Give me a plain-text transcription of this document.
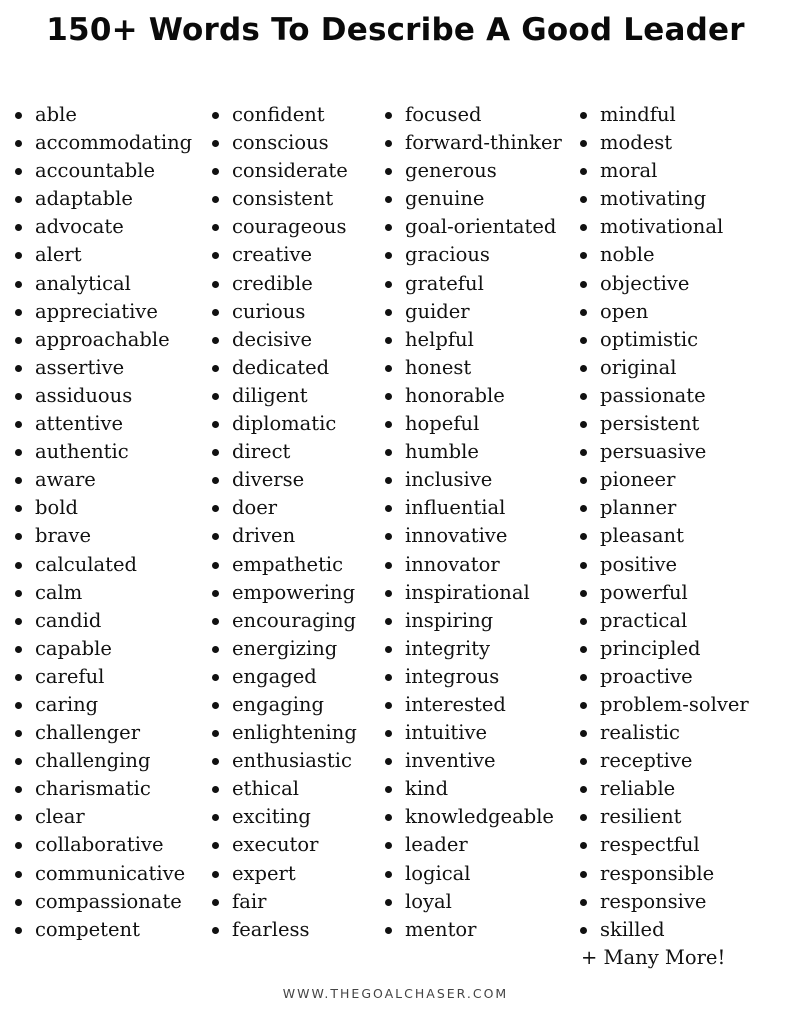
150+ Words To Describe A Good Leader
able
accommodating
accountable
adaptable
advocate
alert
analytical
appreciative
approachable
assertive
assiduous
attentive
authentic
aware
bold
brave
calculated
calm
candid
capable
careful
caring
challenger
challenging
charismatic
clear
collaborative
communicative
compassionate
competent
confident
conscious
considerate
consistent
courageous
creative
credible
curious
decisive
dedicated
diligent
diplomatic
direct
diverse
doer
driven
empathetic
empowering
encouraging
energizing
engaged
engaging
enlightening
enthusiastic
ethical
exciting
executor
expert
fair
fearless
focused
forward-thinker
generous
genuine
goal-orientated
gracious
grateful
guider
helpful
honest
honorable
hopeful
humble
inclusive
influential
innovative
innovator
inspirational
inspiring
integrity
integrous
interested
intuitive
inventive
kind
knowledgeable
leader
logical
loyal
mentor
mindful
modest
moral
motivating
motivational
noble
objective
open
optimistic
original
passionate
persistent
persuasive
pioneer
planner
pleasant
positive
powerful
practical
principled
proactive
problem-solver
realistic
receptive
reliable
resilient
respectful
responsible
responsive
skilled
+ Many More!
WWW.THEGOALCHASER.COM
